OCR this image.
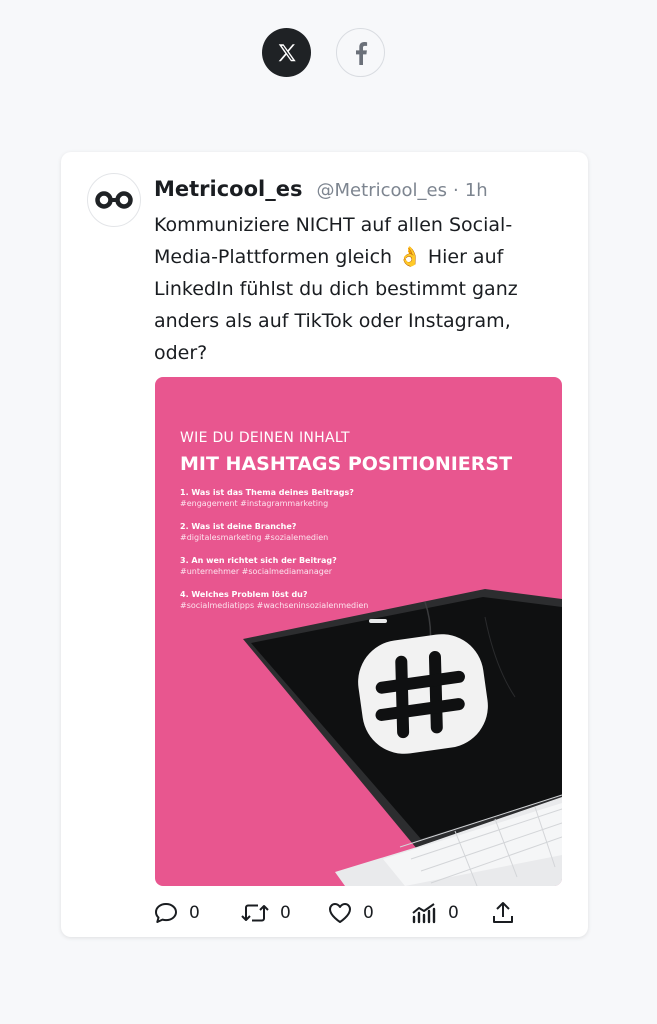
Metricool_es @Metricool_es · 1h
Kommuniziere NICHT auf allen Social-Media-Plattformen gleich 👌 Hier auf LinkedIn fühlst du dich bestimmt ganz anders als auf TikTok oder Instagram, oder?
WIE DU DEINEN INHALT
MIT HASHTAGS POSITIONIERST
1. Was ist das Thema deines Beitrags?
#engagement #instagrammarketing
2. Was ist deine Branche?
#digitalesmarketing #sozialemedien
3. An wen richtet sich der Beitrag?
#unternehmer #socialmediamanager
4. Welches Problem löst du?
#socialmediatipps #wachseninsozialenmedien
0	0	0	0
